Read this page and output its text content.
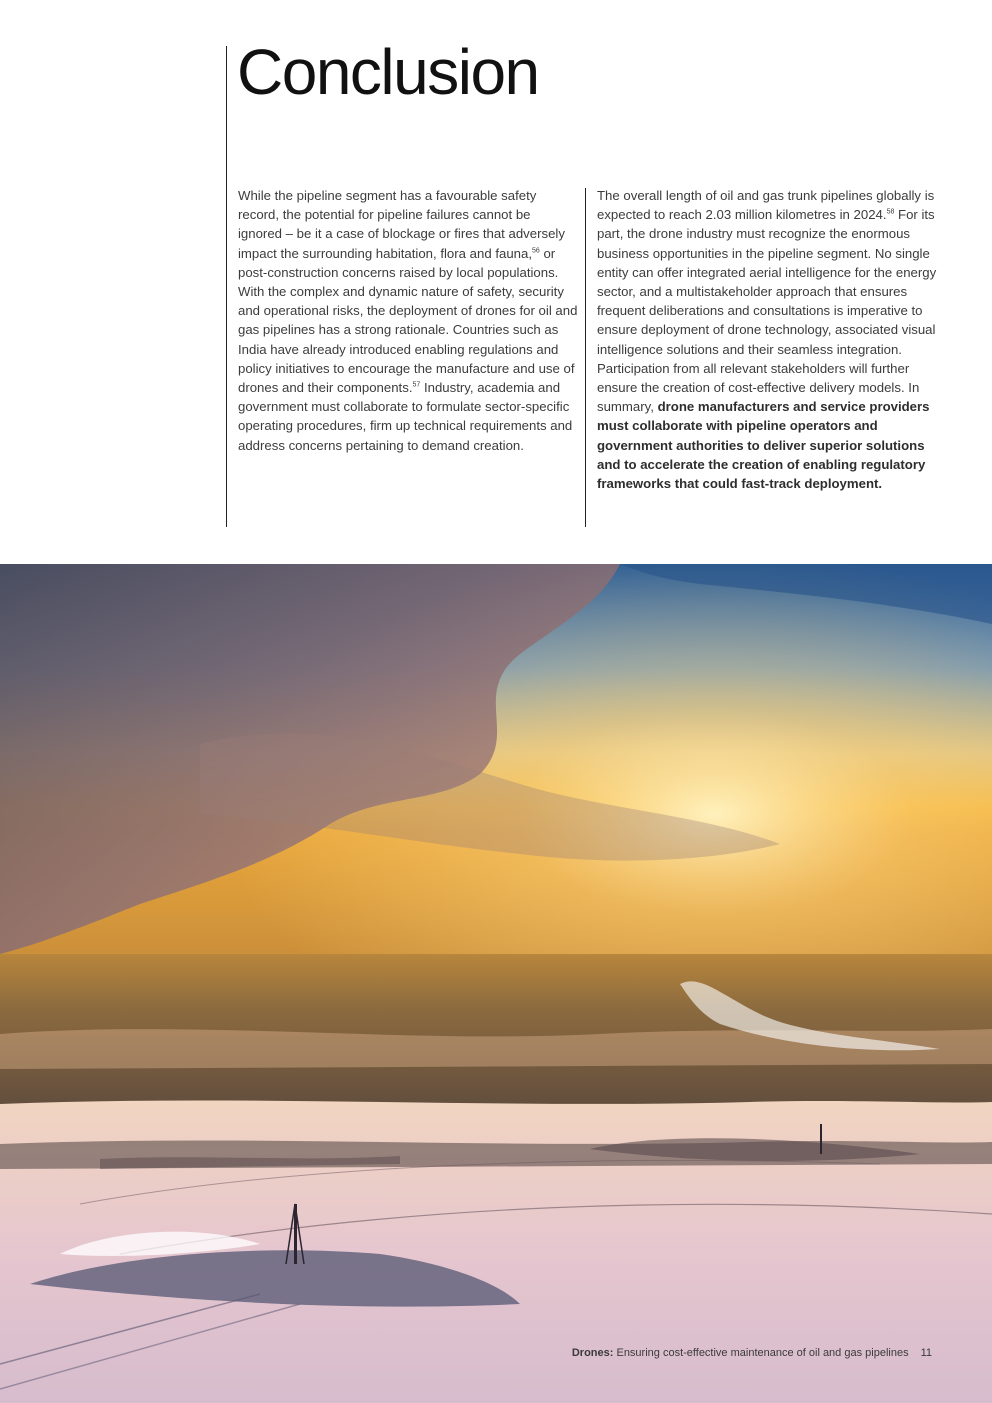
Conclusion

While the pipeline segment has a favourable safety record, the potential for pipeline failures cannot be ignored – be it a case of blockage or fires that adversely impact the surrounding habitation, flora and fauna,$^{56}$ or post-construction concerns raised by local populations. With the complex and dynamic nature of safety, security and operational risks, the deployment of drones for oil and gas pipelines has a strong rationale. Countries such as India have already introduced enabling regulations and policy initiatives to encourage the manufacture and use of drones and their components.$^{57}$ Industry, academia and government must collaborate to formulate sector-specific operating procedures, firm up technical requirements and address concerns pertaining to demand creation.

The overall length of oil and gas trunk pipelines globally is expected to reach 2.03 million kilometres in 2024.58 For its part, the drone industry must recognize the enormous business opportunities in the pipeline segment. No single entity can offer integrated aerial intelligence for the energy sector, and a multistakeholder approach that ensures frequent deliberations and consultations is imperative to ensure deployment of drone technology, associated visual intelligence solutions and their seamless integration. Participation from all relevant stakeholders will further ensure the creation of cost-effective delivery models. In summary, drone manufacturers and service providers must collaborate with pipeline operators and government authorities to deliver superior solutions and to accelerate the creation of enabling regulatory frameworks that could fast-track deployment.

Drones: Ensuring cost-effective maintenance of oil and gas pipelines 11
